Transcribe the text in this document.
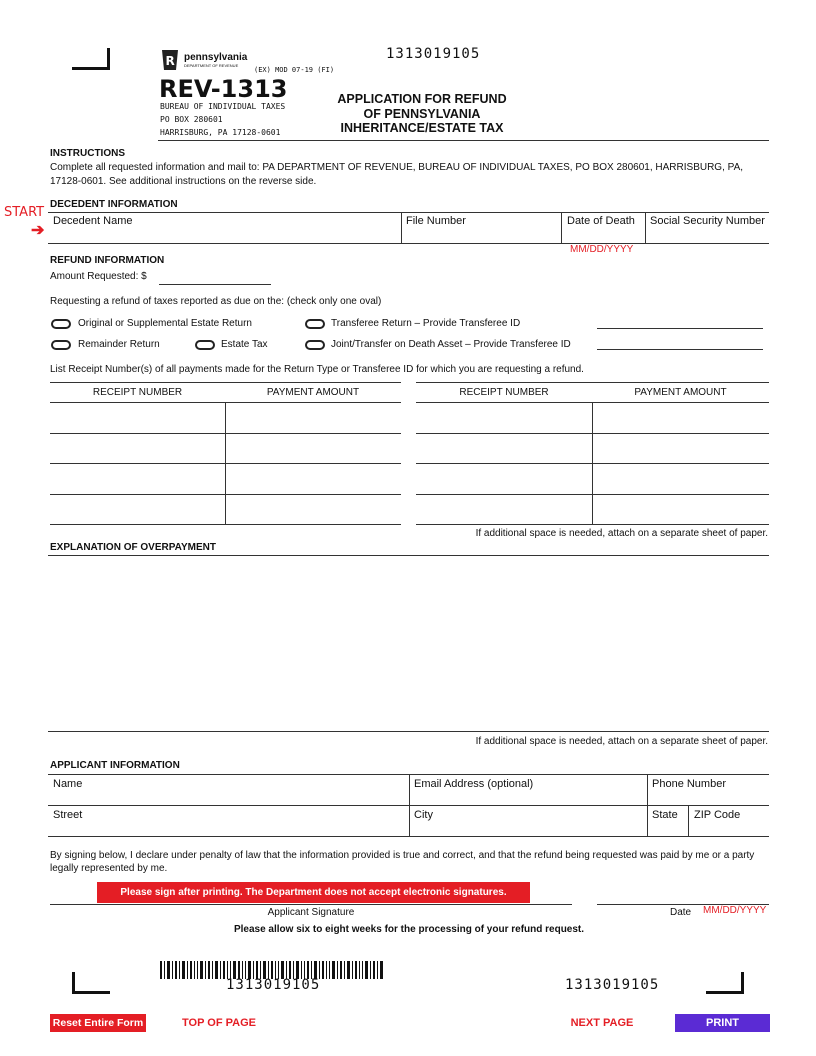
1313019105
R pennsylvania
DEPARTMENT OF REVENUE
(EX) MOD 07-19 (FI)
REV-1313
BUREAU OF INDIVIDUAL TAXES
PO BOX 280601
HARRISBURG, PA 17128-0601
APPLICATION FOR REFUND
OF PENNSYLVANIA
INHERITANCE/ESTATE TAX
INSTRUCTIONS
Complete all requested information and mail to: PA DEPARTMENT OF REVENUE, BUREAU OF INDIVIDUAL TAXES, PO BOX 280601, HARRISBURG, PA, 17128-0601. See additional instructions on the reverse side.
START
➔
DECEDENT INFORMATION
Decedent Name	File Number	Date of Death	Social Security Number
MM/DD/YYYY
REFUND INFORMATION
Amount Requested: $
Requesting a refund of taxes reported as due on the: (check only one oval)
Original or Supplemental Estate Return	Transferee Return – Provide Transferee ID
Remainder Return	Estate Tax	Joint/Transfer on Death Asset – Provide Transferee ID
List Receipt Number(s) of all payments made for the Return Type or Transferee ID for which you are requesting a refund.
RECEIPT NUMBER	PAYMENT AMOUNT	RECEIPT NUMBER	PAYMENT AMOUNT
If additional space is needed, attach on a separate sheet of paper.
EXPLANATION OF OVERPAYMENT
If additional space is needed, attach on a separate sheet of paper.
APPLICANT INFORMATION
Name	Email Address (optional)	Phone Number
Street	City	State	ZIP Code
By signing below, I declare under penalty of law that the information provided is true and correct, and that the refund being requested was paid by me or a party legally represented by me.
Please sign after printing. The Department does not accept electronic signatures.
Applicant Signature	Date MM/DD/YYYY
Please allow six to eight weeks for the processing of your refund request.
1313019105	1313019105
Reset Entire Form	TOP OF PAGE	NEXT PAGE	PRINT
